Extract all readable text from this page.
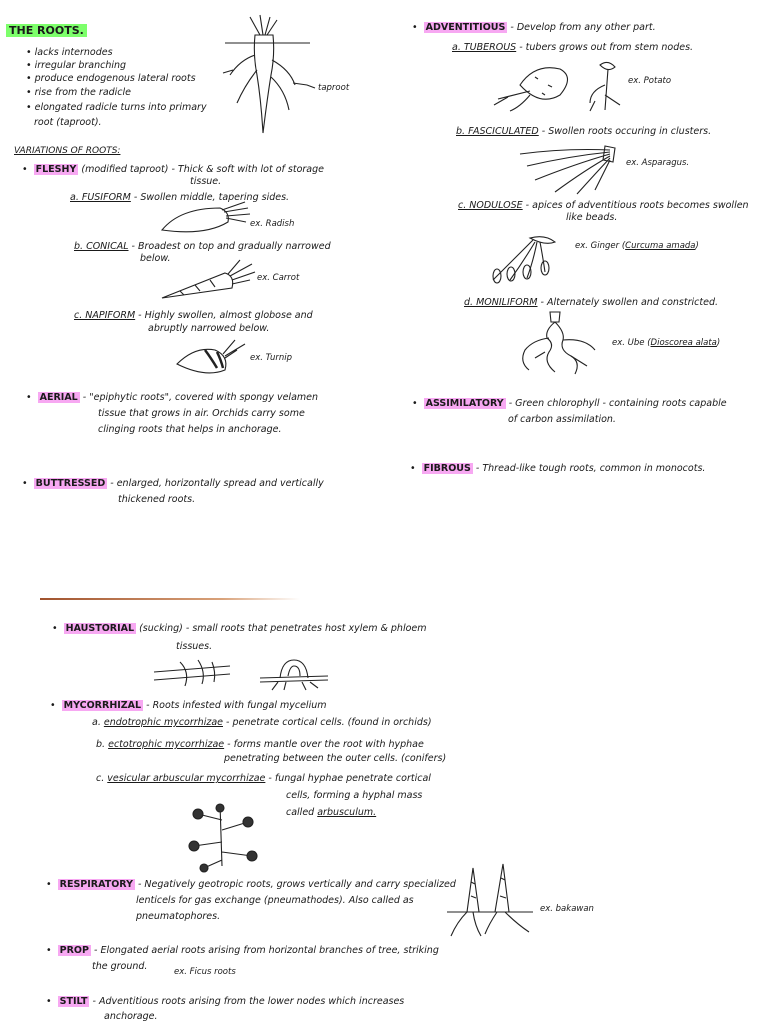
THE ROOTS.
• lacks internodes
• irregular branching
• produce endogenous lateral roots
• rise from the radicle
• elongated radicle turns into primary
root (taproot).
taproot
VARIATIONS OF ROOTS:
• FLESHY (modified taproot) - Thick & soft with lot of storage
tissue.
a. FUSIFORM - Swollen middle, tapering sides.
ex. Radish
b. CONICAL - Broadest on top and gradually narrowed
below.
ex. Carrot
c. NAPIFORM - Highly swollen, almost globose and
abruptly narrowed below.
ex. Turnip
• AERIAL - "epiphytic roots", covered with spongy velamen
tissue that grows in air. Orchids carry some
clinging roots that helps in anchorage.
• BUTTRESSED - enlarged, horizontally spread and vertically
thickened roots.
• ADVENTITIOUS - Develop from any other part.
a. TUBEROUS - tubers grows out from stem nodes.
ex. Potato
b. FASCICULATED - Swollen roots occuring in clusters.
ex. Asparagus.
c. NODULOSE - apices of adventitious roots becomes swollen
like beads.
ex. Ginger (Curcuma amada)
d. MONILIFORM - Alternately swollen and constricted.
ex. Ube (Dioscorea alata)
• ASSIMILATORY - Green chlorophyll - containing roots capable
of carbon assimilation.
• FIBROUS - Thread-like tough roots, common in monocots.
• HAUSTORIAL (sucking) - small roots that penetrates host xylem & phloem
tissues.
• MYCORRHIZAL - Roots infested with fungal mycelium
a. endotrophic mycorrhizae - penetrate cortical cells. (found in orchids)
b. ectotrophic mycorrhizae - forms mantle over the root with hyphae
penetrating between the outer cells. (conifers)
c. vesicular arbuscular mycorrhizae - fungal hyphae penetrate cortical
cells, forming a hyphal mass
called arbusculum.
• RESPIRATORY - Negatively geotropic roots, grows vertically and carry specialized
lenticels for gas exchange (pneumathodes). Also called as
pneumatophores.
ex. bakawan
• PROP - Elongated aerial roots arising from horizontal branches of tree, striking
the ground.	ex. Ficus roots
• STILT - Adventitious roots arising from the lower nodes which increases
anchorage.
